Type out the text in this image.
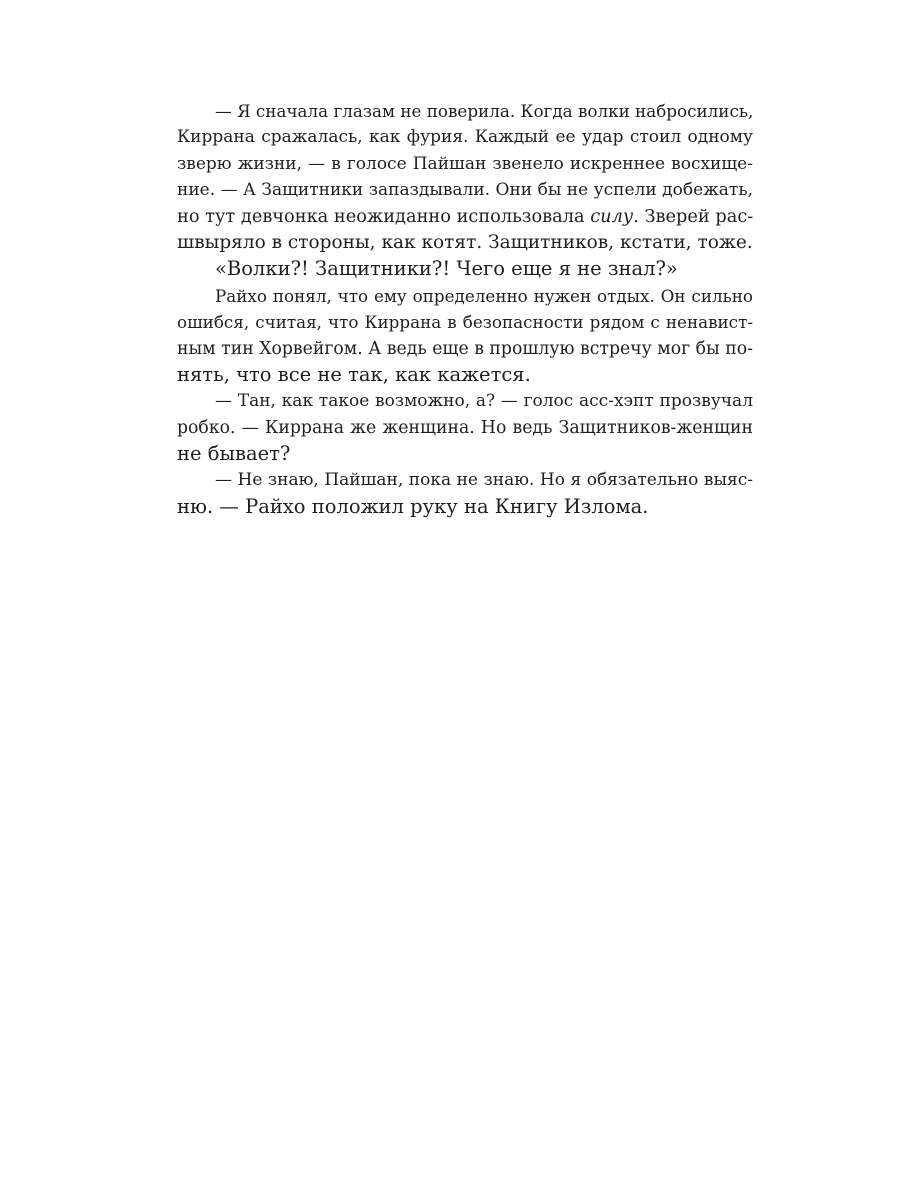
— Я сначала глазам не поверила. Когда волки набросились,
Киррана сражалась, как фурия. Каждый ее удар стоил одному
зверю жизни, — в голосе Пайшан звенело искреннее восхище-
ние. — А Защитники запаздывали. Они бы не успели добежать,
но тут девчонка неожиданно использовала силу. Зверей рас-
швыряло в стороны, как котят. Защитников, кстати, тоже.
«Волки?! Защитники?! Чего еще я не знал?»
Райхо понял, что ему определенно нужен отдых. Он сильно
ошибся, считая, что Киррана в безопасности рядом с ненавист-
ным тин Хорвейгом. А ведь еще в прошлую встречу мог бы по-
нять, что все не так, как кажется.
— Тан, как такое возможно, а? — голос асс-хэпт прозвучал
робко. — Киррана же женщина. Но ведь Защитников-женщин
не бывает?
— Не знаю, Пайшан, пока не знаю. Но я обязательно выяс-
ню. — Райхо положил руку на Книгу Излома.
